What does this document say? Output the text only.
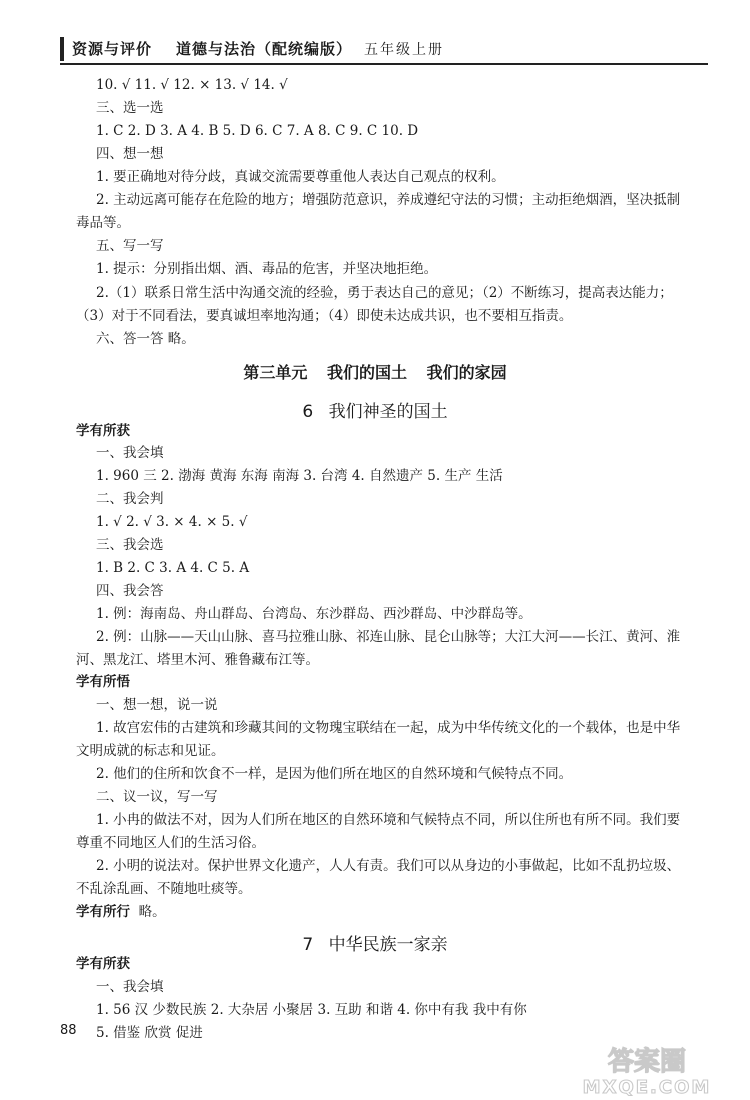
资源与评价 道德与法治（配统编版） 五年级上册
10. √ 11. √ 12. × 13. √ 14. √
三、选一选
1. C 2. D 3. A 4. B 5. D 6. C 7. A 8. C 9. C 10. D
四、想一想
1. 要正确地对待分歧，真诚交流需要尊重他人表达自己观点的权利。
2. 主动远离可能存在危险的地方；增强防范意识，养成遵纪守法的习惯；主动拒绝烟酒，坚决抵制
毒品等。
五、写一写
1. 提示：分别指出烟、酒、毒品的危害，并坚决地拒绝。
2.（1）联系日常生活中沟通交流的经验，勇于表达自己的意见；（2）不断练习，提高表达能力；
（3）对于不同看法，要真诚坦率地沟通；（4）即使未达成共识，也不要相互指责。
六、答一答 略。
第三单元 我们的国土 我们的家园
6 我们神圣的国土
学有所获
一、我会填
1. 960 三 2. 渤海 黄海 东海 南海 3. 台湾 4. 自然遗产 5. 生产 生活
二、我会判
1. √ 2. √ 3. × 4. × 5. √
三、我会选
1. B 2. C 3. A 4. C 5. A
四、我会答
1. 例：海南岛、舟山群岛、台湾岛、东沙群岛、西沙群岛、中沙群岛等。
2. 例：山脉——天山山脉、喜马拉雅山脉、祁连山脉、昆仑山脉等；大江大河——长江、黄河、淮
河、黑龙江、塔里木河、雅鲁藏布江等。
学有所悟
一、想一想，说一说
1. 故宫宏伟的古建筑和珍藏其间的文物瑰宝联结在一起，成为中华传统文化的一个载体，也是中华
文明成就的标志和见证。
2. 他们的住所和饮食不一样，是因为他们所在地区的自然环境和气候特点不同。
二、议一议，写一写
1. 小冉的做法不对，因为人们所在地区的自然环境和气候特点不同，所以住所也有所不同。我们要
尊重不同地区人们的生活习俗。
2. 小明的说法对。保护世界文化遗产，人人有责。我们可以从身边的小事做起，比如不乱扔垃圾、
不乱涂乱画、不随地吐痰等。
学有所行 略。
7 中华民族一家亲
学有所获
一、我会填
1. 56 汉 少数民族 2. 大杂居 小聚居 3. 互助 和谐 4. 你中有我 我中有你
5. 借鉴 欣赏 促进
88
答案圈
MXQE.COM
